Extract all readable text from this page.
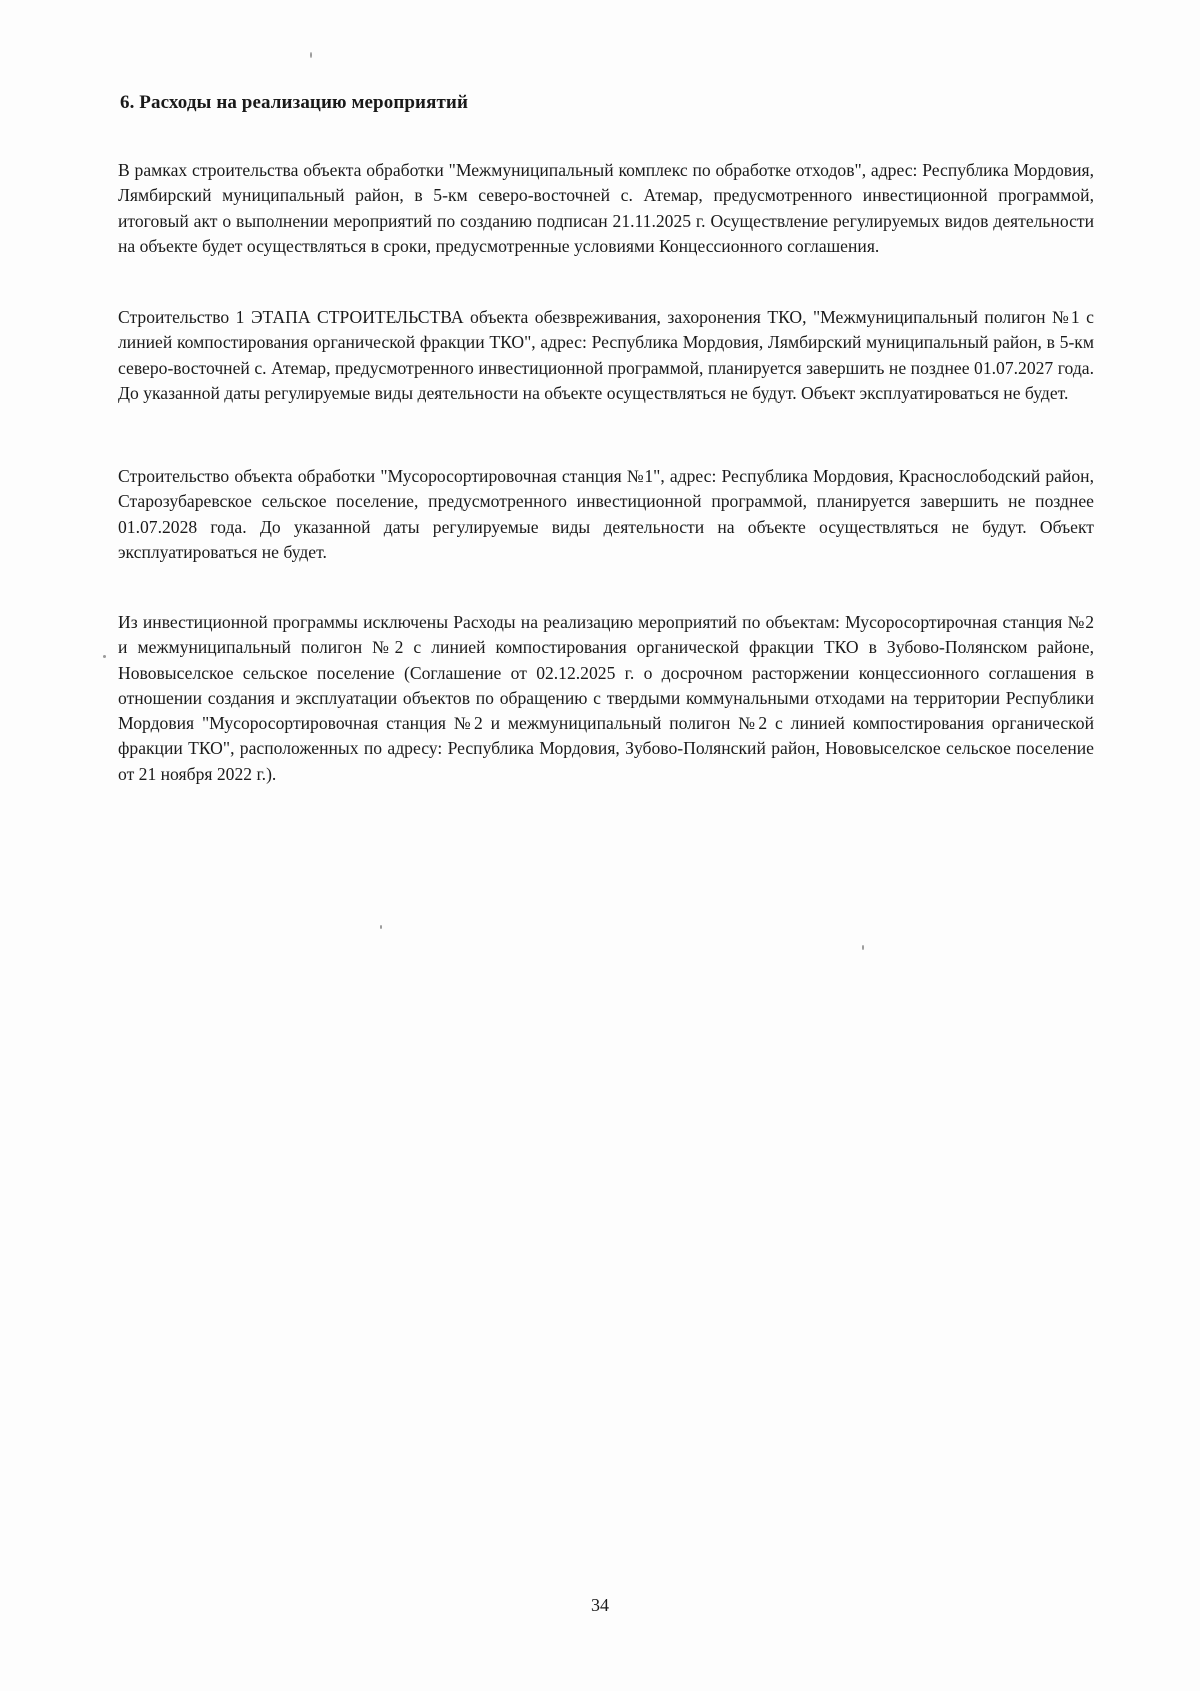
6. Расходы на реализацию мероприятий

В рамках строительства объекта обработки "Межмуниципальный комплекс по обработке отходов", адрес: Республика Мордовия, Лямбирский муниципальный район, в 5-км северо-восточней с. Атемар, предусмотренного инвестиционной программой, итоговый акт о выполнении мероприятий по созданию подписан 21.11.2025 г. Осуществление регулируемых видов деятельности на объекте будет осуществляться в сроки, предусмотренные условиями Концессионного соглашения.

Строительство 1 ЭТАПА СТРОИТЕЛЬСТВА объекта обезвреживания, захоронения ТКО, "Межмуниципальный полигон №1 с линией компостирования органической фракции ТКО", адрес: Республика Мордовия, Лямбирский муниципальный район, в 5-км северо-восточней с. Атемар, предусмотренного инвестиционной программой, планируется завершить не позднее 01.07.2027 года. До указанной даты регулируемые виды деятельности на объекте осуществляться не будут. Объект эксплуатироваться не будет.

Строительство объекта обработки "Мусоросортировочная станция №1", адрес: Республика Мордовия, Краснослободский район, Старозубаревское сельское поселение, предусмотренного инвестиционной программой, планируется завершить не позднее 01.07.2028 года. До указанной даты регулируемые виды деятельности на объекте осуществляться не будут. Объект эксплуатироваться не будет.

Из инвестиционной программы исключены Расходы на реализацию мероприятий по объектам: Мусоросортирочная станция №2 и межмуниципальный полигон №2 с линией компостирования органической фракции ТКО в Зубово-Полянском районе, Нововыселское сельское поселение (Соглашение от 02.12.2025 г. о досрочном расторжении концессионного соглашения в отношении создания и эксплуатации объектов по обращению с твердыми коммунальными отходами на территории Республики Мордовия "Мусоросортировочная станция №2 и межмуниципальный полигон №2 с линией компостирования органической фракции ТКО", расположенных по адресу: Республика Мордовия, Зубово-Полянский район, Нововыселское сельское поселение от 21 ноября 2022 г.).

34
